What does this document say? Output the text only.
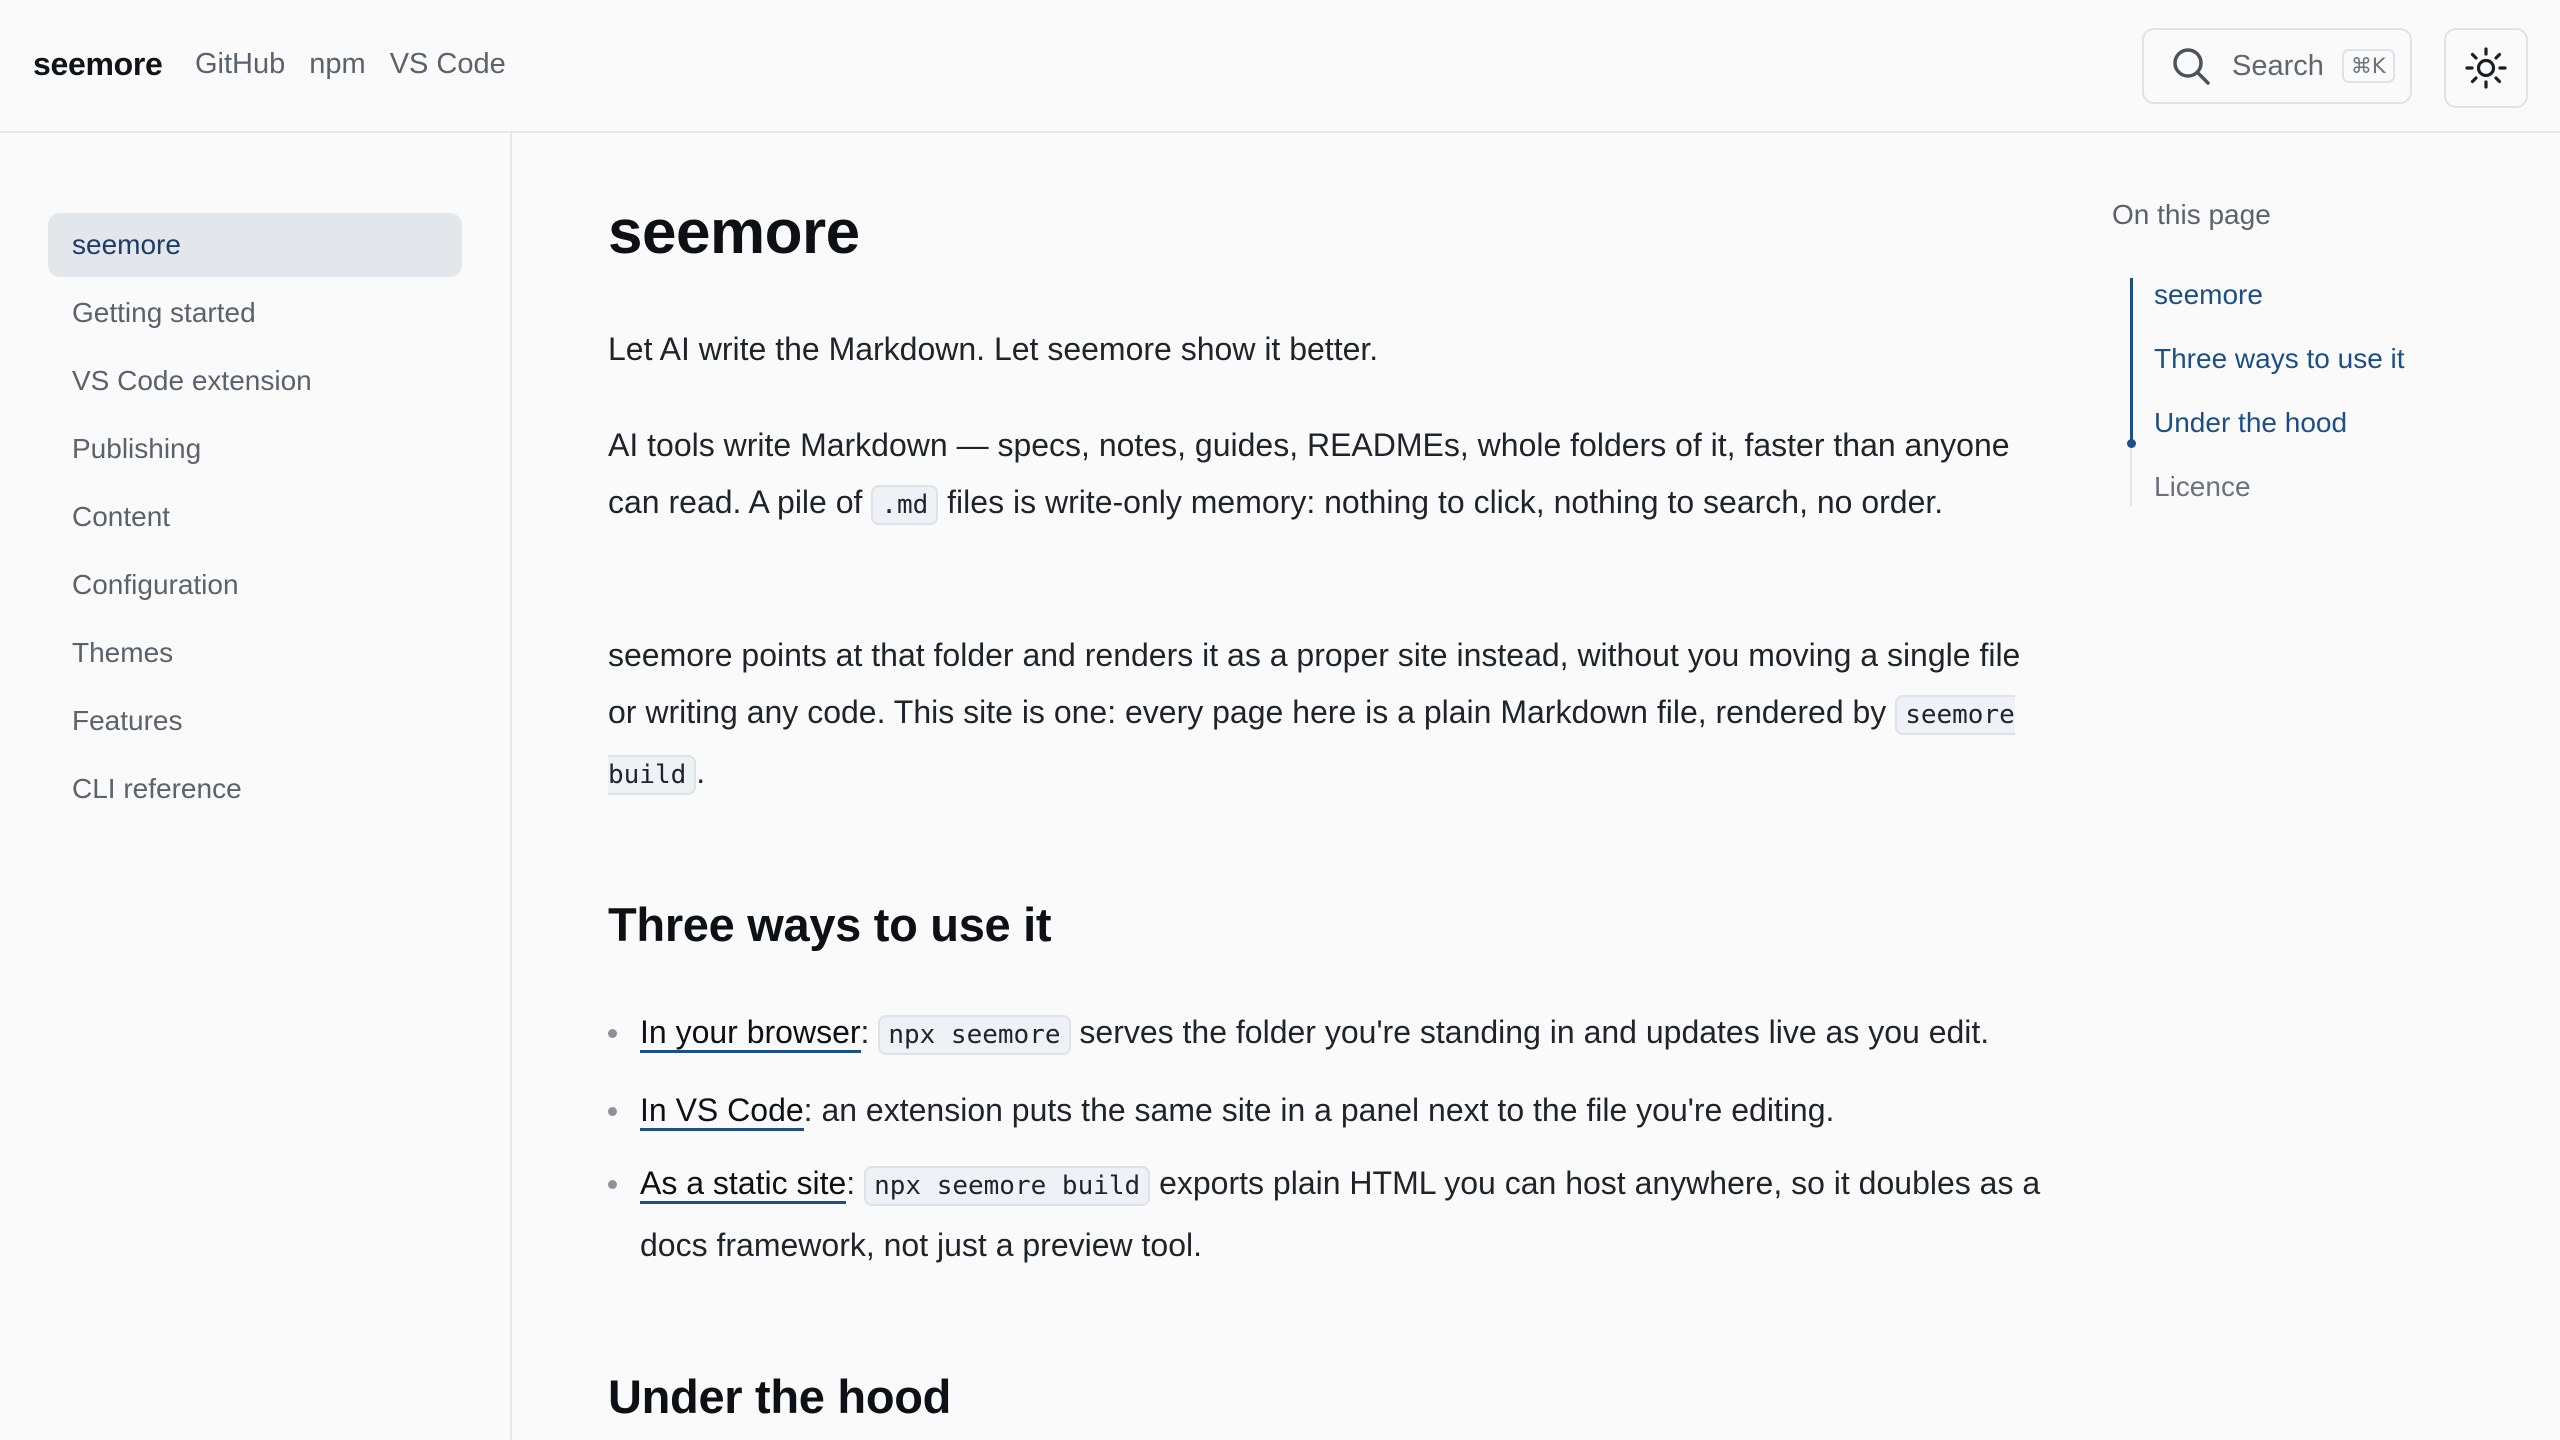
seemore GitHub npm VS Code	Search	⌘K
seemore
Getting started
VS Code extension
Publishing
Content
Configuration
Themes
Features
CLI reference
seemore

Let AI write the Markdown. Let seemore show it better.

AI tools write Markdown — specs, notes, guides, READMEs, whole folders of it, faster than anyone can read. A pile of .md files is write-only memory: nothing to click, nothing to search, no order.

seemore points at that folder and renders it as a proper site instead, without you moving a single file or writing any code. This site is one: every page here is a plain Markdown file, rendered by seemore build .

Three ways to use it
In your browser: npx seemore serves the folder you're standing in and updates live as you edit.
In VS Code: an extension puts the same site in a panel next to the file you're editing.
As a static site: npx seemore build exports plain HTML you can host anywhere, so it doubles as a docs framework, not just a preview tool.
Under the hood
On this page
seemore
Three ways to use it
Under the hood
Licence
